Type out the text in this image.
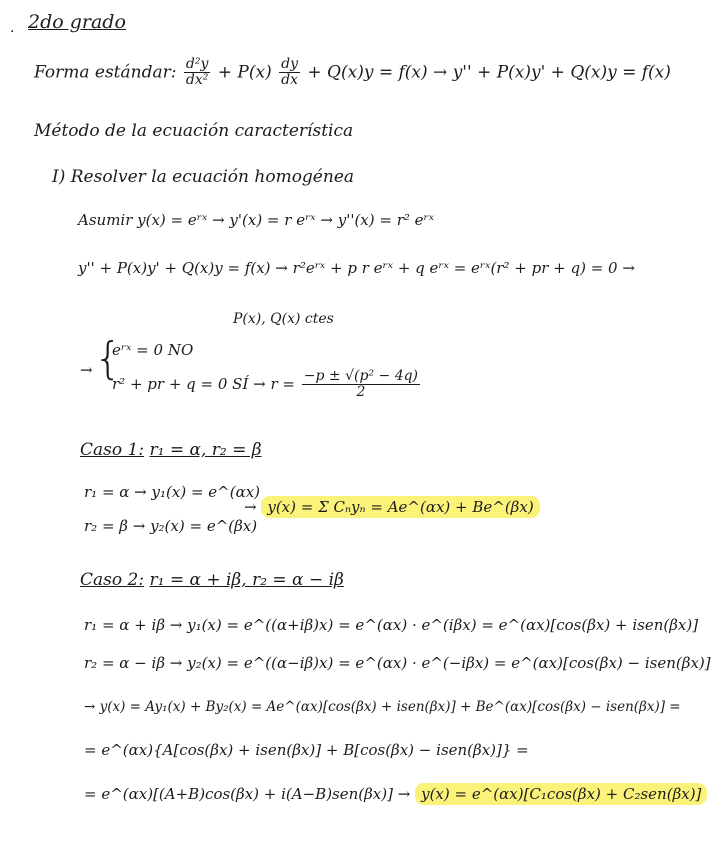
· 2do grado
Forma estándar: $\frac{\text{d²y}}{\text{dx²}} + P(x) \frac{dy}{dx} + Q(x)y = f(x) \to y'' + P(x)y' + Q(x)y = f(x)$
Método de la ecuación característica
I) Resolver la ecuación homogénea
Asumir y(x) = eʳˣ → y'(x) = r eʳˣ → y''(x) = r² eʳˣ
y'' + P(x)y' + Q(x)y = f(x) → r²eʳˣ + p r eʳˣ + q eʳˣ = eʳˣ(r² + pr + q) = 0 →
P(x), Q(x) ctes
→ {
eʳˣ = 0 NO
r² + pr + q = 0 SÍ → $r = \frac{\text{−p ± √(p² − 4q)}}{2}$
Caso 1: r₁ = α, r₂ = β
r₁ = α → y₁(x) = e^(αx)
r₂ = β → y₂(x) = e^(βx)
→ y(x) = Σ Cₙyₙ = Ae^(αx) + Be^(βx)
Caso 2: r₁ = α + iβ, r₂ = α − iβ
r₁ = α + iβ → y₁(x) = e^((α+iβ)x) = e^(αx) · e^(iβx) = e^(αx)[cos(βx) + isen(βx)]
r₂ = α − iβ → y₂(x) = e^((α−iβ)x) = e^(αx) · e^(−iβx) = e^(αx)[cos(βx) − isen(βx)]
→ y(x) = Ay₁(x) + By₂(x) = Ae^(αx)[cos(βx) + isen(βx)] + Be^(αx)[cos(βx) − isen(βx)] =
= e^(αx){A[cos(βx) + isen(βx)] + B[cos(βx) − isen(βx)]} =
= e^(αx)[(A+B)cos(βx) + i(A−B)sen(βx)] → y(x) = e^(αx)[C₁cos(βx) + C₂sen(βx)]
